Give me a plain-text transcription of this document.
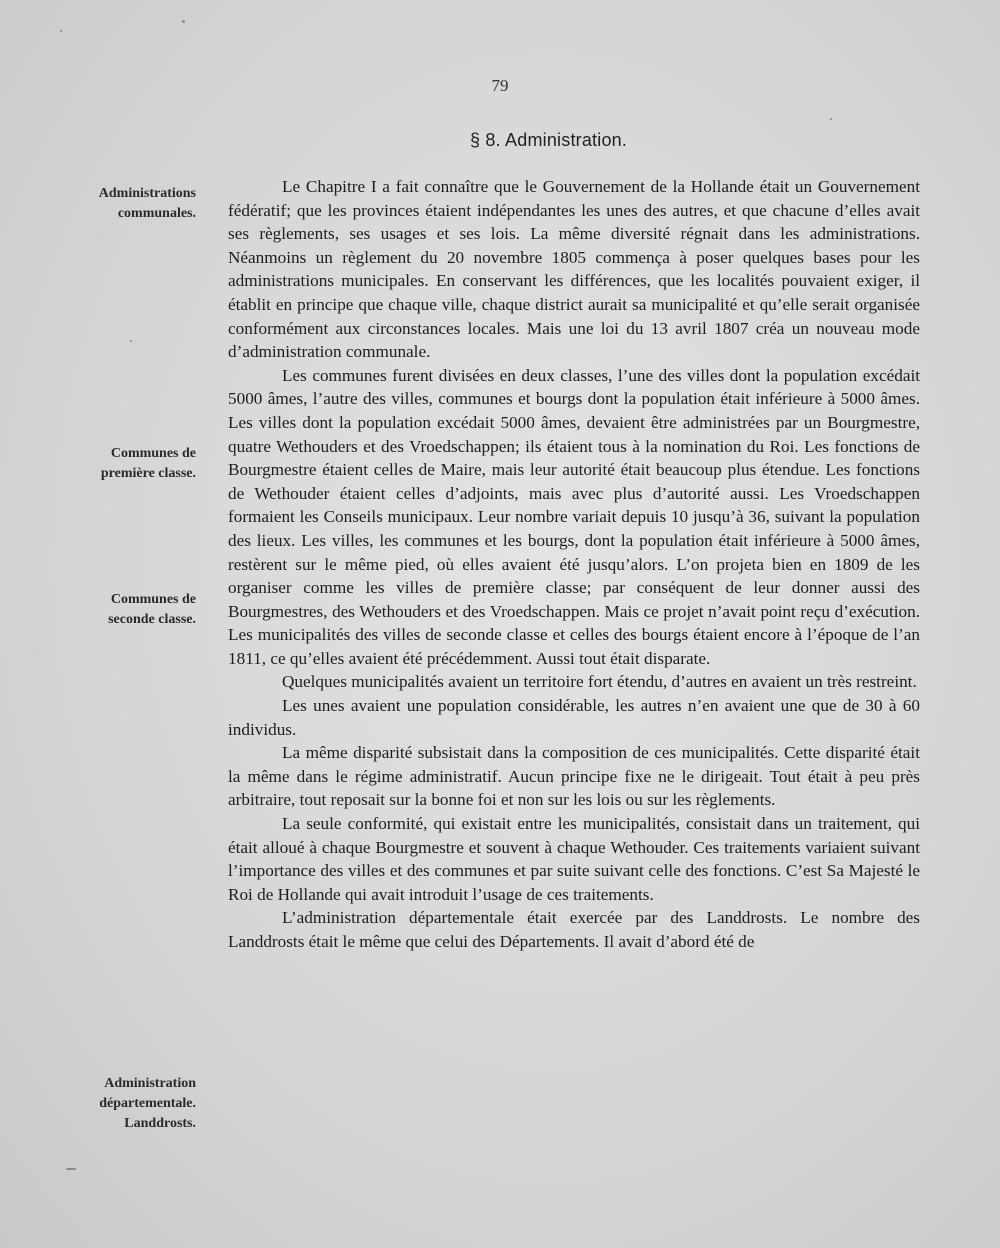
79
§ 8. Administration.
Administrations
communales.
Communes de
première classe.
Communes de
seconde classe.
Administration
départementale.
Landdrosts.

Le Chapitre I a fait connaître que le Gouvernement de la Hollande était un Gouvernement fédératif; que les provinces étaient indépendantes les unes des autres, et que chacune d’elles avait ses règlements, ses usages et ses lois. La même diversité régnait dans les administrations. Néanmoins un règlement du 20 novembre 1805 commença à poser quelques bases pour les administrations municipales. En conservant les différences, que les localités pouvaient exiger, il établit en principe que chaque ville, chaque district aurait sa municipalité et qu’elle serait organisée conformément aux circonstances locales. Mais une loi du 13 avril 1807 créa un nouveau mode d’administration communale.

Les communes furent divisées en deux classes, l’une des villes dont la population excédait 5000 âmes, l’autre des villes, communes et bourgs dont la population était inférieure à 5000 âmes. Les villes dont la population excédait 5000 âmes, devaient être administrées par un Bourgmestre, quatre Wethouders et des Vroedschappen; ils étaient tous à la nomination du Roi. Les fonctions de Bourgmestre étaient celles de Maire, mais leur autorité était beaucoup plus étendue. Les fonctions de Wethouder étaient celles d’adjoints, mais avec plus d’autorité aussi. Les Vroedschappen formaient les Conseils municipaux. Leur nombre variait depuis 10 jusqu’à 36, suivant la population des lieux. Les villes, les communes et les bourgs, dont la population était inférieure à 5000 âmes, restèrent sur le même pied, où elles avaient été jusqu’alors. L’on projeta bien en 1809 de les organiser comme les villes de première classe; par conséquent de leur donner aussi des Bourgmestres, des Wethouders et des Vroedschappen. Mais ce projet n’avait point reçu d’exécution. Les municipalités des villes de seconde classe et celles des bourgs étaient encore à l’époque de l’an 1811, ce qu’elles avaient été précédemment. Aussi tout était disparate.

Quelques municipalités avaient un territoire fort étendu, d’autres en avaient un très restreint.

Les unes avaient une population considérable, les autres n’en avaient une que de 30 à 60 individus.

La même disparité subsistait dans la composition de ces municipalités. Cette disparité était la même dans le régime administratif. Aucun principe fixe ne le dirigeait. Tout était à peu près arbitraire, tout reposait sur la bonne foi et non sur les lois ou sur les règlements.

La seule conformité, qui existait entre les municipalités, consistait dans un traitement, qui était alloué à chaque Bourgmestre et souvent à chaque Wethouder. Ces traitements variaient suivant l’importance des villes et des communes et par suite suivant celle des fonctions. C’est Sa Majesté le Roi de Hollande qui avait introduit l’usage de ces traitements.

L’administration départementale était exercée par des Landdrosts. Le nombre des Landdrosts était le même que celui des Départements. Il avait d’abord été de
